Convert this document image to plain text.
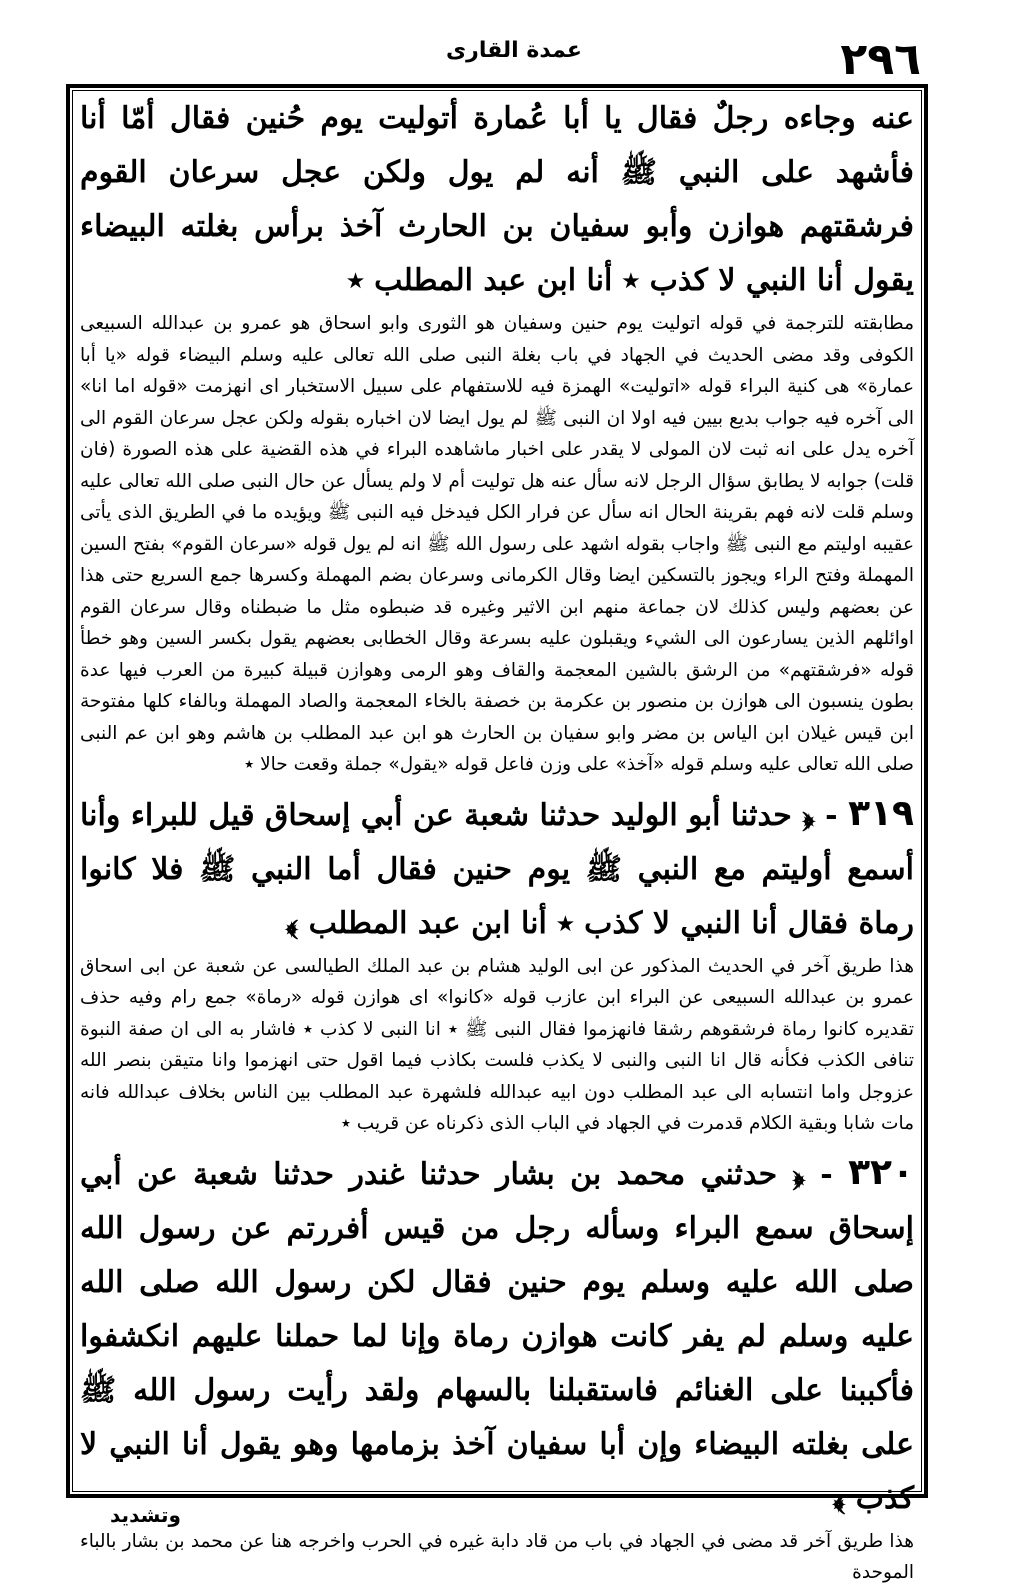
٢٩٦
عمدة القارى

عنه وجاءه رجلٌ فقال يا أبا عُمارة أتوليت يوم حُنين فقال أمّا أنا فأشهد على النبي ﷺ أنه لم يول ولكن عجل سرعان القوم فرشقتهم هوازن وأبو سفيان بن الحارث آخذ برأس بغلته البيضاء يقول أنا النبي لا كذب ٭ أنا ابن عبد المطلب ٭

مطابقته للترجمة في قوله اتوليت يوم حنين وسفيان هو الثورى وابو اسحاق هو عمرو بن عبدالله السبيعى الكوفى وقد مضى الحديث في الجهاد في باب بغلة النبى صلى الله تعالى عليه وسلم البيضاء قوله «يا أبا عمارة» هى كنية البراء قوله «اتوليت» الهمزة فيه للاستفهام على سبيل الاستخبار اى انهزمت «قوله اما انا» الى آخره فيه جواب بديع بيين فيه اولا ان النبى ﷺ لم يول ايضا لان اخباره بقوله ولكن عجل سرعان القوم الى آخره يدل على انه ثبت لان المولى لا يقدر على اخبار ماشاهده البراء في هذه القضية على هذه الصورة (فان قلت) جوابه لا يطابق سؤال الرجل لانه سأل عنه هل توليت أم لا ولم يسأل عن حال النبى صلى الله تعالى عليه وسلم قلت لانه فهم بقرينة الحال انه سأل عن فرار الكل فيدخل فيه النبى ﷺ ويؤيده ما في الطريق الذى يأتى عقيبه اوليتم مع النبى ﷺ واجاب بقوله اشهد على رسول الله ﷺ انه لم يول قوله «سرعان القوم» بفتح السين المهملة وفتح الراء ويجوز بالتسكين ايضا وقال الكرمانى وسرعان بضم المهملة وكسرها جمع السريع حتى هذا عن بعضهم وليس كذلك لان جماعة منهم ابن الاثير وغيره قد ضبطوه مثل ما ضبطناه وقال سرعان القوم اوائلهم الذين يسارعون الى الشيء ويقبلون عليه بسرعة وقال الخطابى بعضهم يقول بكسر السين وهو خطأ قوله «فرشقتهم» من الرشق بالشين المعجمة والقاف وهو الرمى وهوازن قبيلة كبيرة من العرب فيها عدة بطون ينسبون الى هوازن بن منصور بن عكرمة بن خصفة بالخاء المعجمة والصاد المهملة وبالفاء كلها مفتوحة ابن قيس غيلان ابن الياس بن مضر وابو سفيان بن الحارث هو ابن عبد المطلب بن هاشم وهو ابن عم النبى صلى الله تعالى عليه وسلم قوله «آخذ» على وزن فاعل قوله «يقول» جملة وقعت حالا ٭

٣١٩ - ﴿ حدثنا أبو الوليد حدثنا شعبة عن أبي إسحاق قيل للبراء وأنا أسمع أوليتم مع النبي ﷺ يوم حنين فقال أما النبي ﷺ فلا كانوا رماة فقال أنا النبي لا كذب ٭ أنا ابن عبد المطلب ﴾

هذا طريق آخر في الحديث المذكور عن ابى الوليد هشام بن عبد الملك الطيالسى عن شعبة عن ابى اسحاق عمرو بن عبدالله السبيعى عن البراء ابن عازب قوله «كانوا» اى هوازن قوله «رماة» جمع رام وفيه حذف تقديره كانوا رماة فرشقوهم رشقا فانهزموا فقال النبى ﷺ ٭ انا النبى لا كذب ٭ فاشار به الى ان صفة النبوة تنافى الكذب فكأنه قال انا النبى والنبى لا يكذب فلست بكاذب فيما اقول حتى انهزموا وانا متيقن بنصر الله عزوجل واما انتسابه الى عبد المطلب دون ابيه عبدالله فلشهرة عبد المطلب بين الناس بخلاف عبدالله فانه مات شابا وبقية الكلام قدمرت في الجهاد في الباب الذى ذكرناه عن قريب ٭

٣٢٠ - ﴿ حدثني محمد بن بشار حدثنا غندر حدثنا شعبة عن أبي إسحاق سمع البراء وسأله رجل من قيس أفررتم عن رسول الله صلى الله عليه وسلم يوم حنين فقال لكن رسول الله صلى الله عليه وسلم لم يفر كانت هوازن رماة وإنا لما حملنا عليهم انكشفوا فأكببنا على الغنائم فاستقبلنا بالسهام ولقد رأيت رسول الله ﷺ على بغلته البيضاء وإن أبا سفيان آخذ بزمامها وهو يقول أنا النبي لا كذب ﴾

هذا طريق آخر قد مضى في الجهاد في باب من قاد دابة غيره في الحرب واخرجه هنا عن محمد بن بشار بالباء الموحدة

وتشديد
